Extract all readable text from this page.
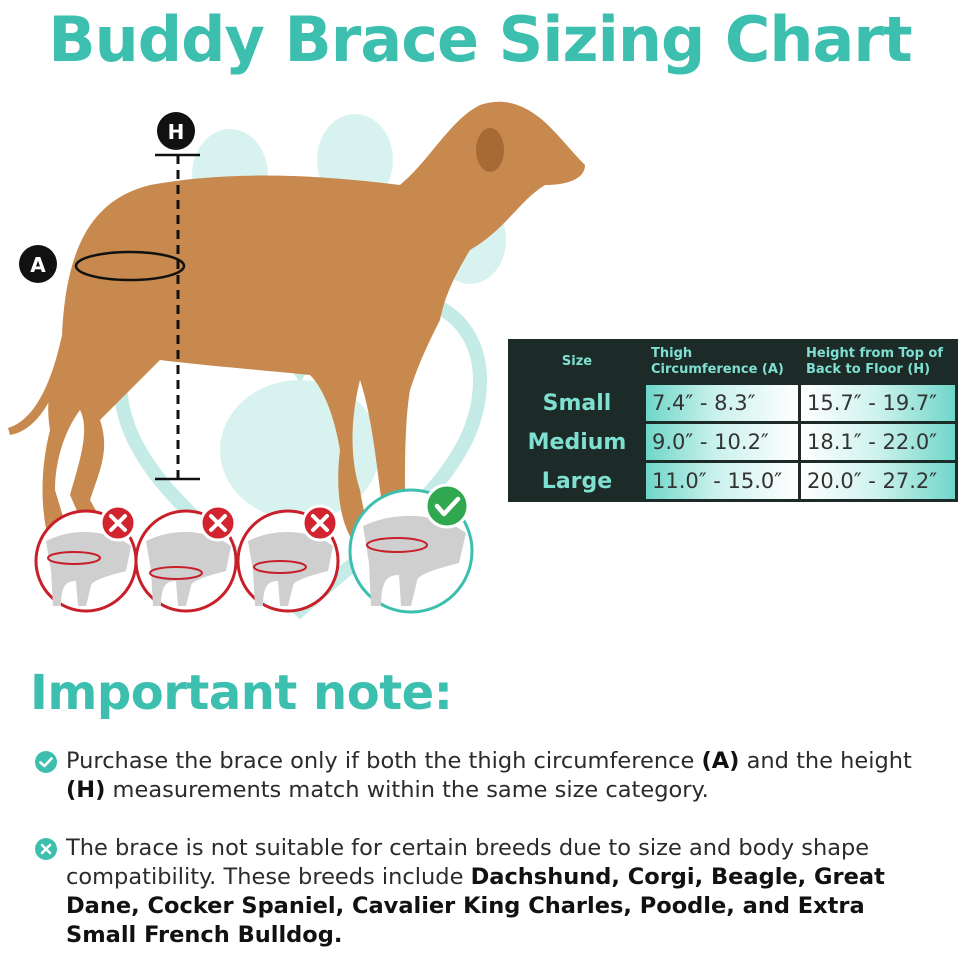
Buddy Brace Sizing Chart
H
A
Size	Thigh Circumference (A)	Height from Top of Back to Floor (H)
Small	7.4″ - 8.3″	15.7″ - 19.7″
Medium	9.0″ - 10.2″	18.1″ - 22.0″
Large	11.0″ - 15.0″	20.0″ - 27.2″
Important note:
Purchase the brace only if both the thigh circumference (A) and the height (H) measurements match within the same size category.
The brace is not suitable for certain breeds due to size and body shape compatibility. These breeds include Dachshund, Corgi, Beagle, Great Dane, Cocker Spaniel, Cavalier King Charles, Poodle, and Extra Small French Bulldog.
